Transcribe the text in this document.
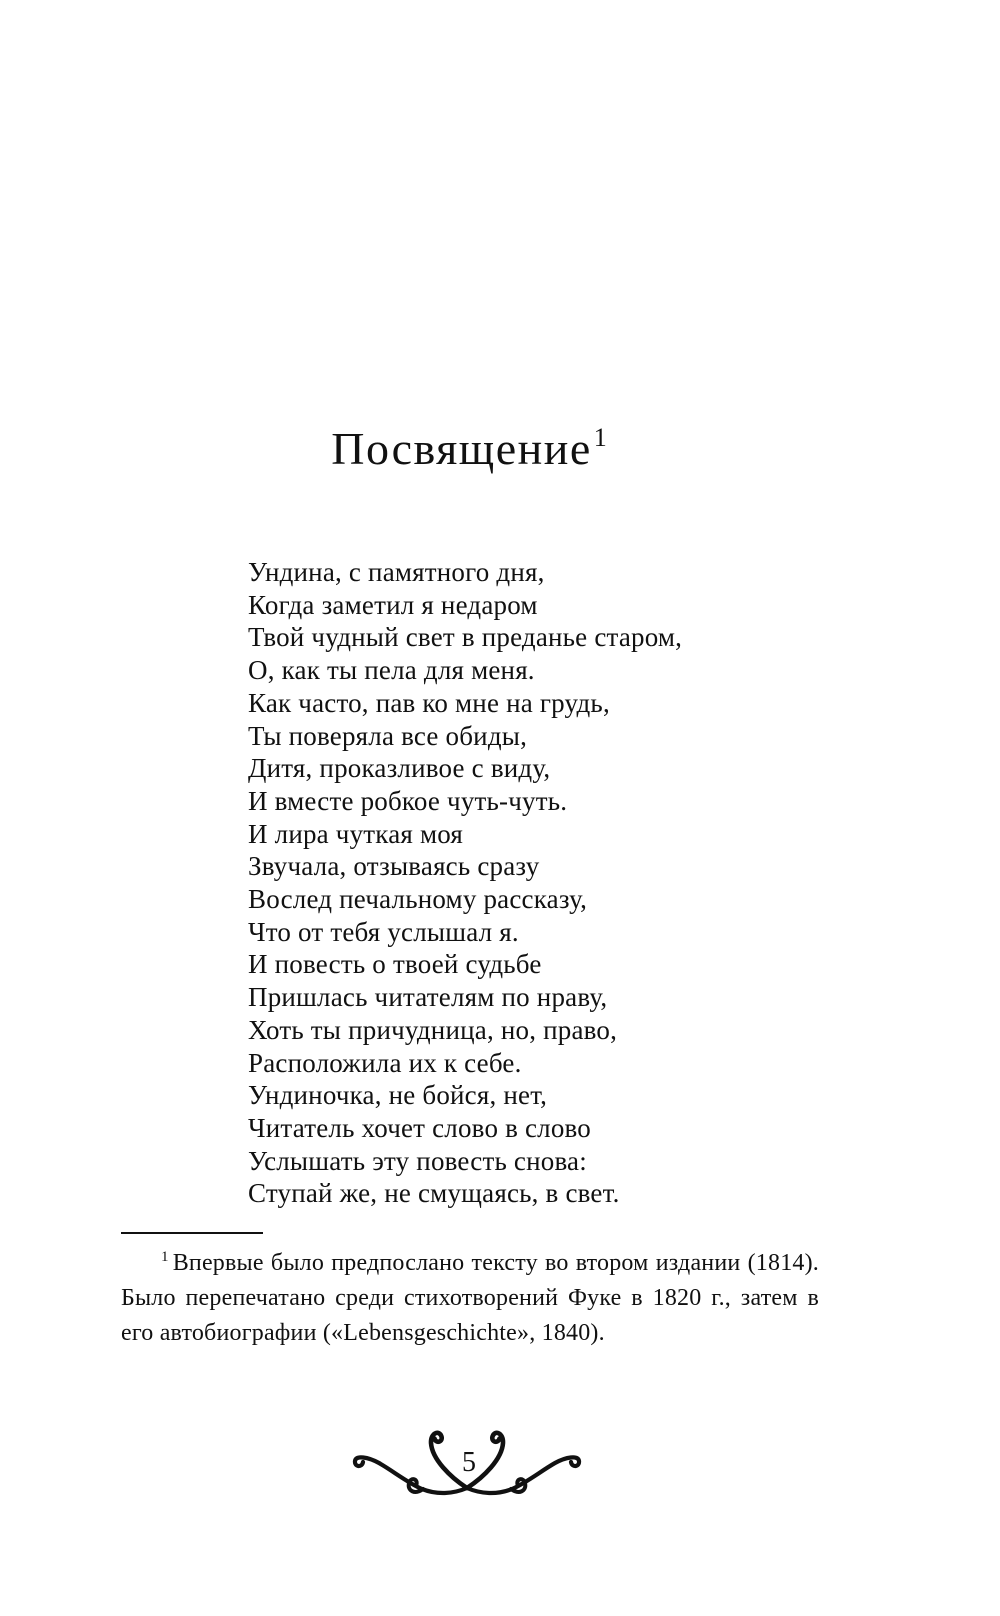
Посвящение$^1$
Ундина, с памятного дня,
Когда заметил я недаром
Твой чудный свет в преданье старом,
О, как ты пела для меня.
Как часто, пав ко мне на грудь,
Ты поверяла все обиды,
Дитя, проказливое с виду,
И вместе робкое чуть-чуть.
И лира чуткая моя
Звучала, отзываясь сразу
Вослед печальному рассказу,
Что от тебя услышал я.
И повесть о твоей судьбе
Пришлась читателям по нраву,
Хоть ты причудница, но, право,
Расположила их к себе.
Ундиночка, не бойся, нет,
Читатель хочет слово в слово
Услышать эту повесть снова:
Ступай же, не смущаясь, в свет.

$^1$ Впервые было предпослано тексту во втором издании (1814). Было перепечатано среди стихотворений Фуке в 1820 г., затем в его автобиографии («Lebensgeschichte», 1840).

5
